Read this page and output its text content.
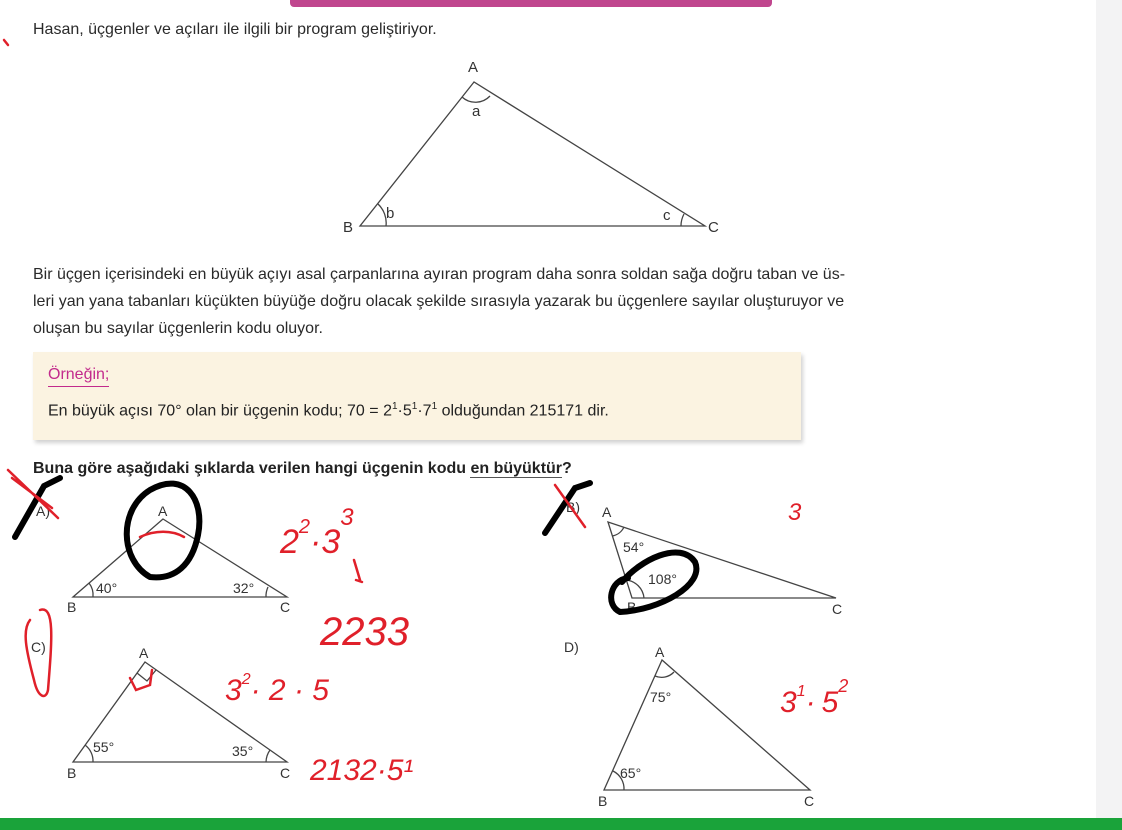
Hasan, üçgenler ve açıları ile ilgili bir program geliştiriyor.
Bir üçgen içerisindeki en büyük açıyı asal çarpanlarına ayıran program daha sonra soldan sağa doğru taban ve üs-
leri yan yana tabanları küçükten büyüğe doğru olacak şekilde sırasıyla yazarak bu üçgenlere sayılar oluşturuyor ve
oluşan bu sayılar üçgenlerin kodu oluyor.
Örneğin;
En büyük açısı 70° olan bir üçgenin kodu; $70 = 2^1\cdot 5^1\cdot 7^1$ olduğundan 215171 dir.
Buna göre aşağıdaki şıklarda verilen hangi üçgenin kodu en büyüktür?
A
B	C
a
b	c
A)	A
B	C
40°	32°
B) A
B	C
54°
108°
C)	A
B	C
55°	35°
D)	A
B	C
75°
65°
$2^2\cdot 3^3$
2233
$3^2\cdot 2 \cdot 5$
2132·5¹
3
$3^1\cdot 5^2$
